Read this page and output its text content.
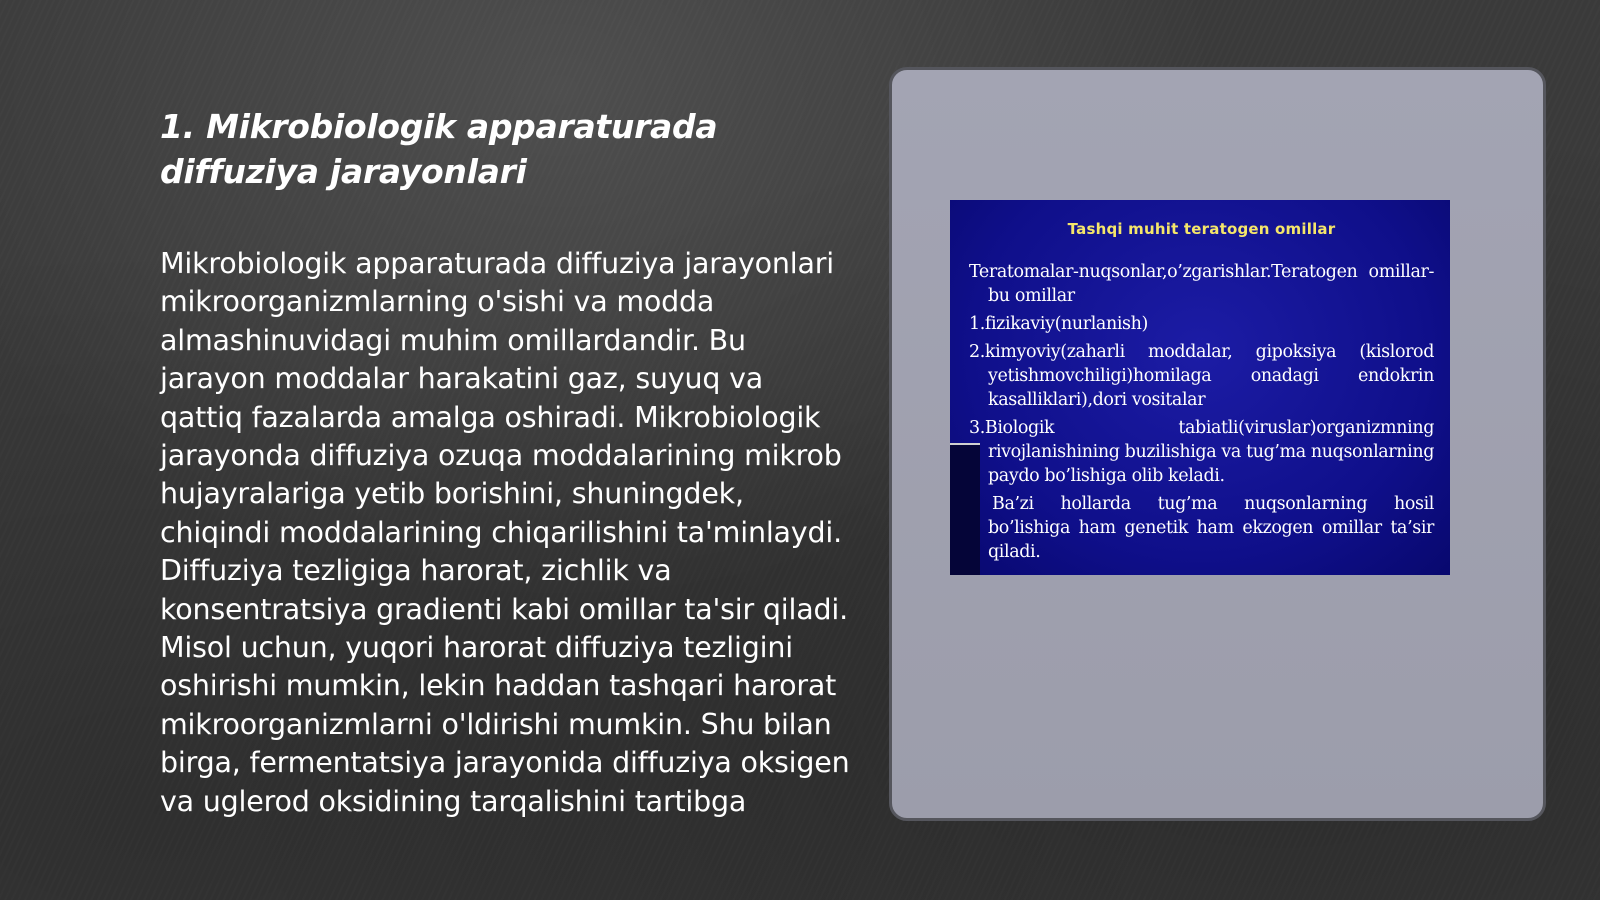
1. Mikrobiologik apparaturada diffuziya jarayonlari

Mikrobiologik apparaturada diffuziya jarayonlari mikroorganizmlarning o'sishi va modda almashinuvidagi muhim omillardandir. Bu jarayon moddalar harakatini gaz, suyuq va qattiq fazalarda amalga oshiradi. Mikrobiologik jarayonda diffuziya ozuqa moddalarining mikrob hujayralariga yetib borishini, shuningdek, chiqindi moddalarining chiqarilishini ta'minlaydi. Diffuziya tezligiga harorat, zichlik va konsentratsiya gradienti kabi omillar ta'sir qiladi. Misol uchun, yuqori harorat diffuziya tezligini oshirishi mumkin, lekin haddan tashqari harorat mikroorganizmlarni o'ldirishi mumkin. Shu bilan birga, fermentatsiya jarayonida diffuziya oksigen va uglerod oksidining tarqalishini tartibga

Tashqi muhit teratogen omillar

Teratomalar-nuqsonlar,o’zgarishlar.Teratogen omillar-bu omillar

1.fizikaviy(nurlanish)

2.kimyoviy(zaharli moddalar, gipoksiya (kislorod yetishmovchiligi)homilaga onadagi endokrin kasalliklari),dori vositalar

3.Biologik tabiatli(viruslar)organizmning rivojlanishining buzilishiga va tug’ma nuqsonlarning paydo bo’lishiga olib keladi.

Ba’zi hollarda tug’ma nuqsonlarning hosil bo’lishiga ham genetik ham ekzogen omillar ta’sir qiladi.
